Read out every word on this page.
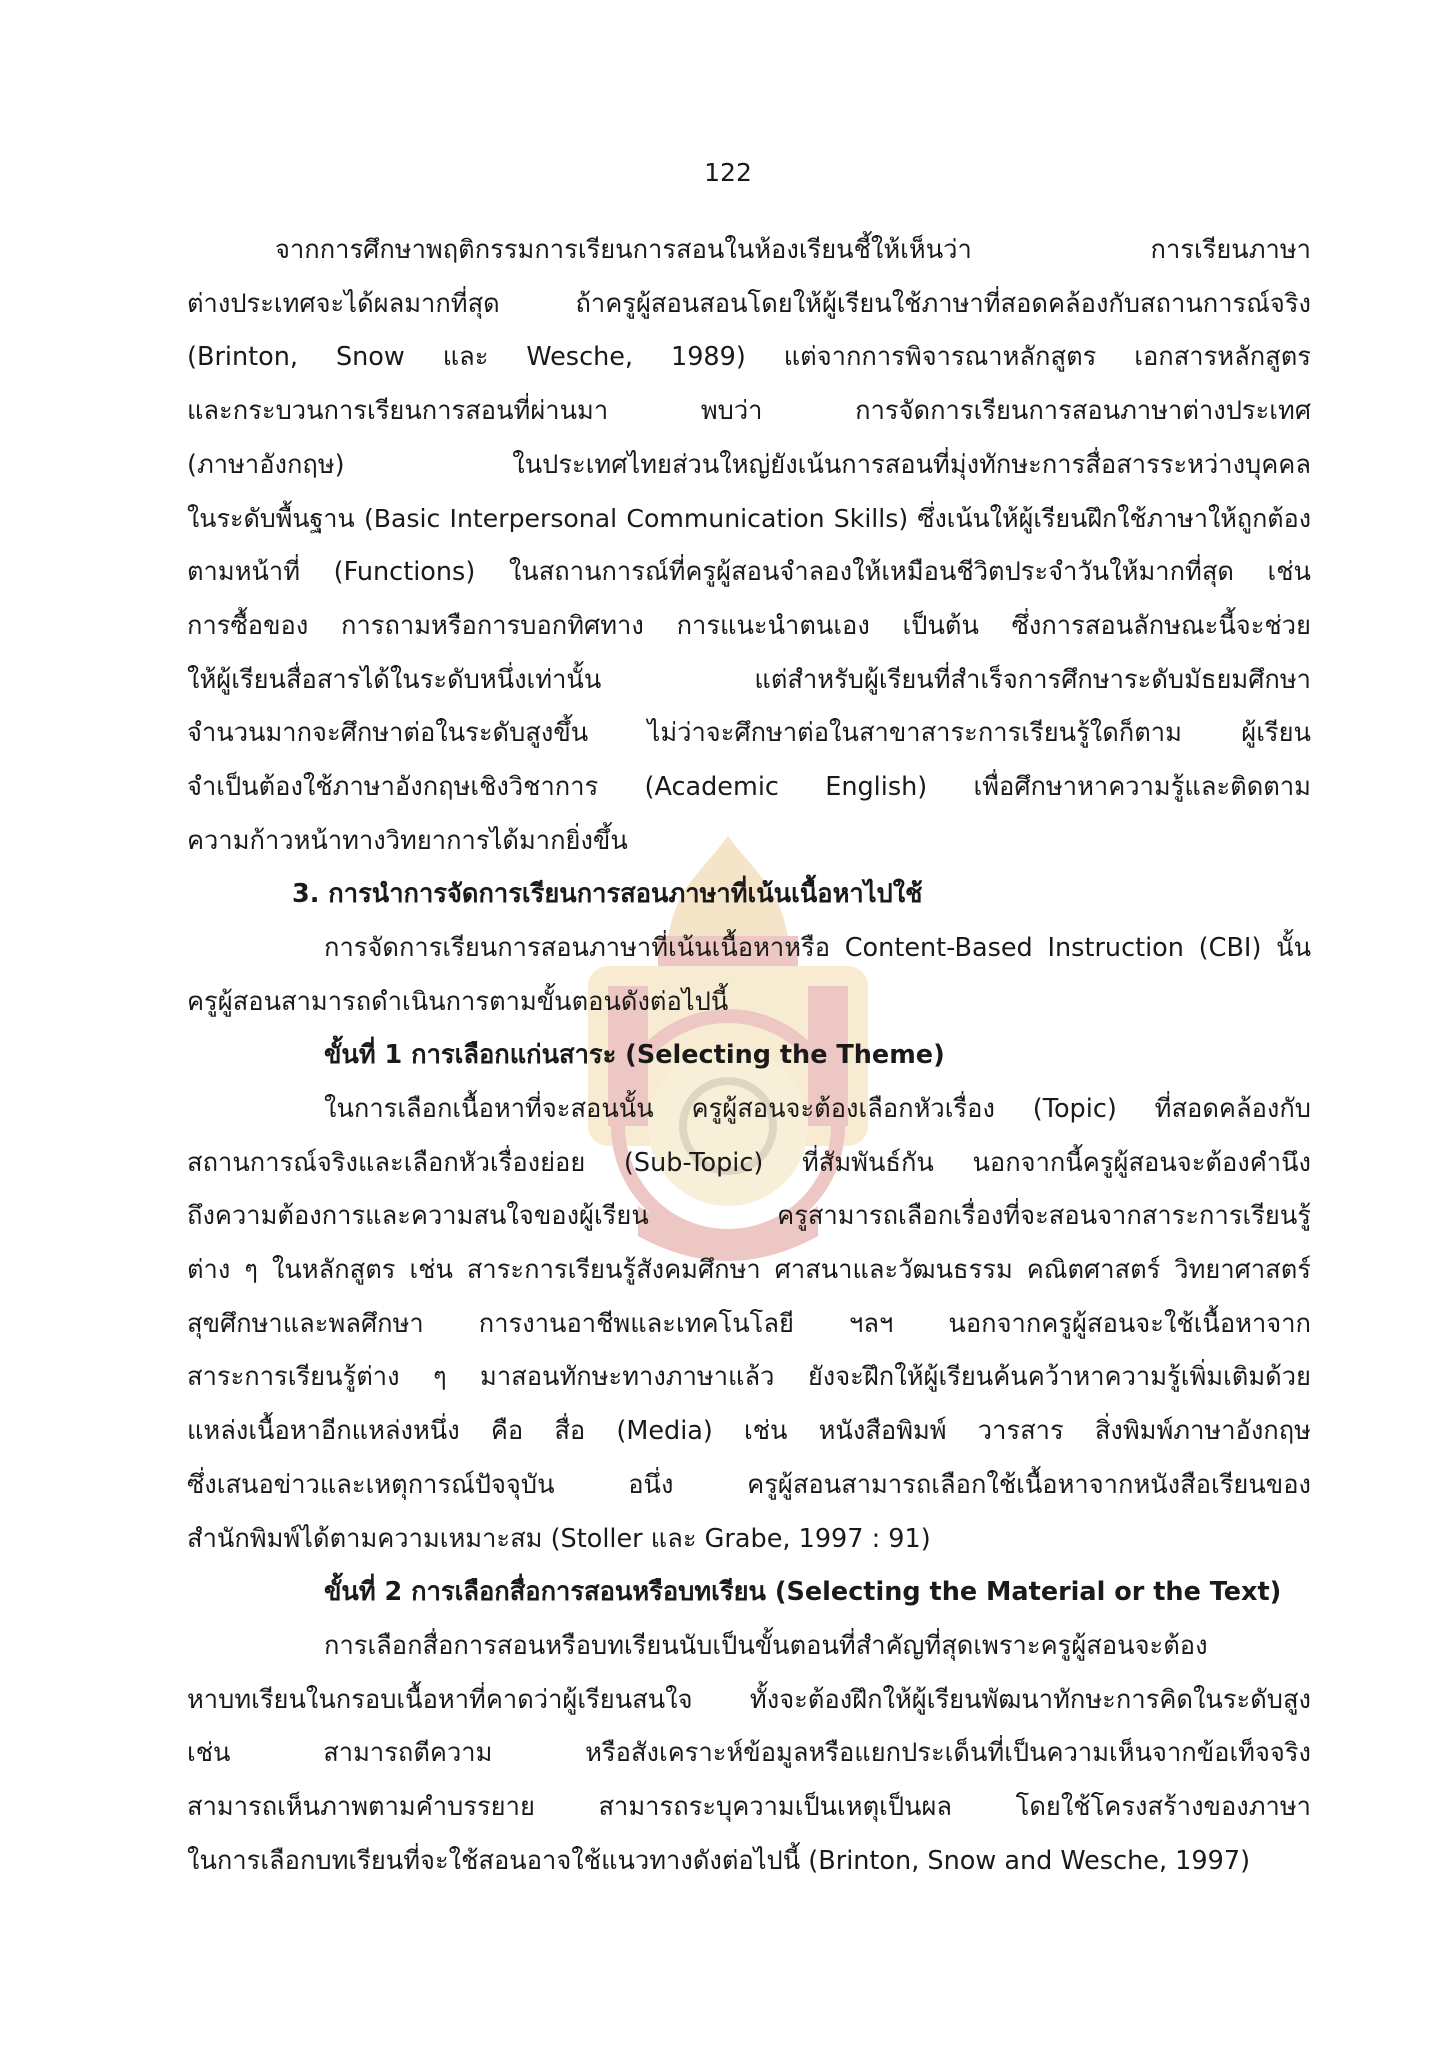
122
จากการศึกษาพฤติกรรมการเรียนการสอนในห้องเรียนชี้ให้เห็นว่า การเรียนภาษา
ต่างประเทศจะได้ผลมากที่สุด ถ้าครูผู้สอนสอนโดยให้ผู้เรียนใช้ภาษาที่สอดคล้องกับสถานการณ์จริง
(Brinton, Snow และ Wesche, 1989) แต่จากการพิจารณาหลักสูตร เอกสารหลักสูตร
และกระบวนการเรียนการสอนที่ผ่านมา พบว่า การจัดการเรียนการสอนภาษาต่างประเทศ
(ภาษาอังกฤษ) ในประเทศไทยส่วนใหญ่ยังเน้นการสอนที่มุ่งทักษะการสื่อสารระหว่างบุคคล
ในระดับพื้นฐาน (Basic Interpersonal Communication Skills) ซึ่งเน้นให้ผู้เรียนฝึกใช้ภาษาให้ถูกต้อง
ตามหน้าที่ (Functions) ในสถานการณ์ที่ครูผู้สอนจำลองให้เหมือนชีวิตประจำวันให้มากที่สุด เช่น
การซื้อของ การถามหรือการบอกทิศทาง การแนะนำตนเอง เป็นต้น ซึ่งการสอนลักษณะนี้จะช่วย
ให้ผู้เรียนสื่อสารได้ในระดับหนึ่งเท่านั้น แต่สำหรับผู้เรียนที่สำเร็จการศึกษาระดับมัธยมศึกษา
จำนวนมากจะศึกษาต่อในระดับสูงขึ้น ไม่ว่าจะศึกษาต่อในสาขาสาระการเรียนรู้ใดก็ตาม ผู้เรียน
จำเป็นต้องใช้ภาษาอังกฤษเชิงวิชาการ (Academic English) เพื่อศึกษาหาความรู้และติดตาม
ความก้าวหน้าทางวิทยาการได้มากยิ่งขึ้น
3. การนำการจัดการเรียนการสอนภาษาที่เน้นเนื้อหาไปใช้
การจัดการเรียนการสอนภาษาที่เน้นเนื้อหาหรือ Content-Based Instruction (CBI) นั้น
ครูผู้สอนสามารถดำเนินการตามขั้นตอนดังต่อไปนี้
ขั้นที่ 1 การเลือกแก่นสาระ (Selecting the Theme)
ในการเลือกเนื้อหาที่จะสอนนั้น ครูผู้สอนจะต้องเลือกหัวเรื่อง (Topic) ที่สอดคล้องกับ
สถานการณ์จริงและเลือกหัวเรื่องย่อย (Sub-Topic) ที่สัมพันธ์กัน นอกจากนี้ครูผู้สอนจะต้องคำนึง
ถึงความต้องการและความสนใจของผู้เรียน ครูสามารถเลือกเรื่องที่จะสอนจากสาระการเรียนรู้
ต่าง ๆ ในหลักสูตร เช่น สาระการเรียนรู้สังคมศึกษา ศาสนาและวัฒนธรรม คณิตศาสตร์ วิทยาศาสตร์
สุขศึกษาและพลศึกษา การงานอาชีพและเทคโนโลยี ฯลฯ นอกจากครูผู้สอนจะใช้เนื้อหาจาก
สาระการเรียนรู้ต่าง ๆ มาสอนทักษะทางภาษาแล้ว ยังจะฝึกให้ผู้เรียนค้นคว้าหาความรู้เพิ่มเติมด้วย
แหล่งเนื้อหาอีกแหล่งหนึ่ง คือ สื่อ (Media) เช่น หนังสือพิมพ์ วารสาร สิ่งพิมพ์ภาษาอังกฤษ
ซึ่งเสนอข่าวและเหตุการณ์ปัจจุบัน อนึ่ง ครูผู้สอนสามารถเลือกใช้เนื้อหาจากหนังสือเรียนของ
สำนักพิมพ์ได้ตามความเหมาะสม (Stoller และ Grabe, 1997 : 91)
ขั้นที่ 2 การเลือกสื่อการสอนหรือบทเรียน (Selecting the Material or the Text)
การเลือกสื่อการสอนหรือบทเรียนนับเป็นขั้นตอนที่สำคัญที่สุดเพราะครูผู้สอนจะต้อง
หาบทเรียนในกรอบเนื้อหาที่คาดว่าผู้เรียนสนใจ ทั้งจะต้องฝึกให้ผู้เรียนพัฒนาทักษะการคิดในระดับสูง
เช่น สามารถตีความ หรือสังเคราะห์ข้อมูลหรือแยกประเด็นที่เป็นความเห็นจากข้อเท็จจริง
สามารถเห็นภาพตามคำบรรยาย สามารถระบุความเป็นเหตุเป็นผล โดยใช้โครงสร้างของภาษา
ในการเลือกบทเรียนที่จะใช้สอนอาจใช้แนวทางดังต่อไปนี้ (Brinton, Snow and Wesche, 1997)
